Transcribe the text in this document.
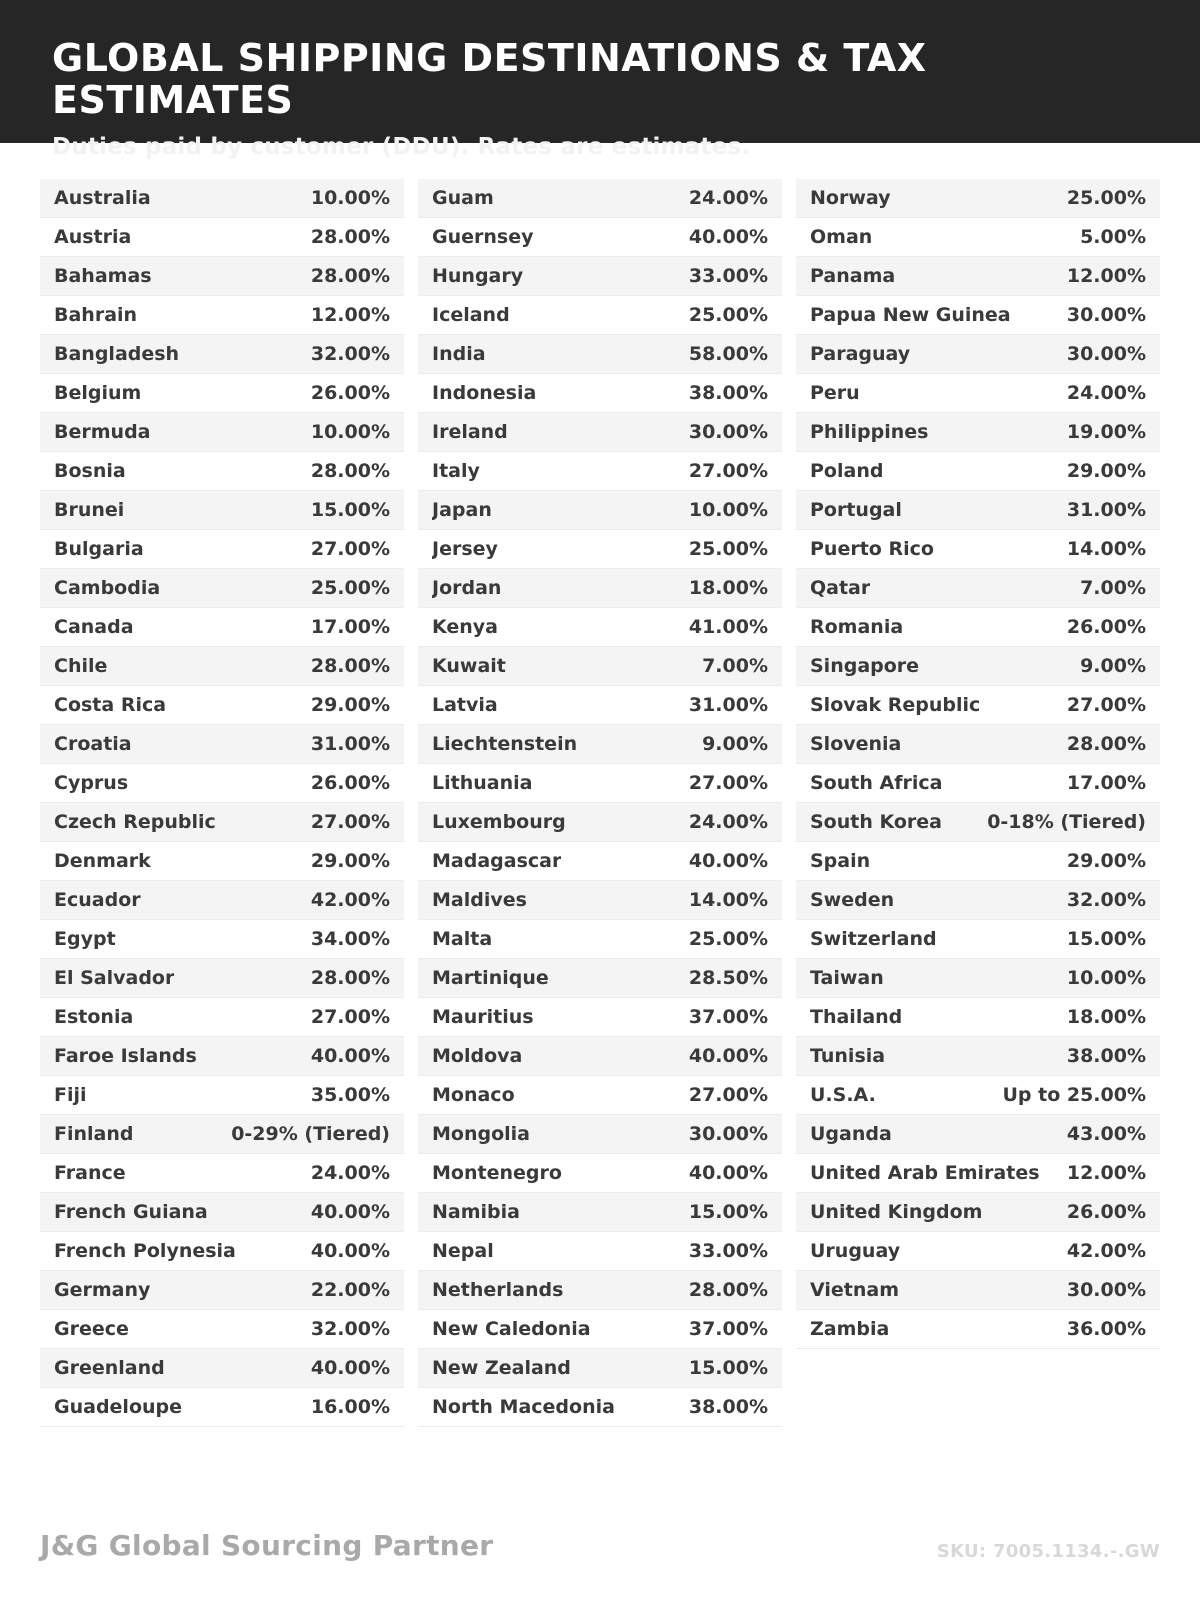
GLOBAL SHIPPING DESTINATIONS & TAX ESTIMATES
Duties paid by customer (DDU). Rates are estimates.
Australia	10.00%
Austria	28.00%
Bahamas	28.00%
Bahrain	12.00%
Bangladesh	32.00%
Belgium	26.00%
Bermuda	10.00%
Bosnia	28.00%
Brunei	15.00%
Bulgaria	27.00%
Cambodia	25.00%
Canada	17.00%
Chile	28.00%
Costa Rica	29.00%
Croatia	31.00%
Cyprus	26.00%
Czech Republic	27.00%
Denmark	29.00%
Ecuador	42.00%
Egypt	34.00%
El Salvador	28.00%
Estonia	27.00%
Faroe Islands	40.00%
Fiji	35.00%
Finland	0-29% (Tiered)
France	24.00%
French Guiana	40.00%
French Polynesia	40.00%
Germany	22.00%
Greece	32.00%
Greenland	40.00%
Guadeloupe	16.00%
Guam	24.00%
Guernsey	40.00%
Hungary	33.00%
Iceland	25.00%
India	58.00%
Indonesia	38.00%
Ireland	30.00%
Italy	27.00%
Japan	10.00%
Jersey	25.00%
Jordan	18.00%
Kenya	41.00%
Kuwait	7.00%
Latvia	31.00%
Liechtenstein	9.00%
Lithuania	27.00%
Luxembourg	24.00%
Madagascar	40.00%
Maldives	14.00%
Malta	25.00%
Martinique	28.50%
Mauritius	37.00%
Moldova	40.00%
Monaco	27.00%
Mongolia	30.00%
Montenegro	40.00%
Namibia	15.00%
Nepal	33.00%
Netherlands	28.00%
New Caledonia	37.00%
New Zealand	15.00%
North Macedonia	38.00%
Norway	25.00%
Oman	5.00%
Panama	12.00%
Papua New Guinea	30.00%
Paraguay	30.00%
Peru	24.00%
Philippines	19.00%
Poland	29.00%
Portugal	31.00%
Puerto Rico	14.00%
Qatar	7.00%
Romania	26.00%
Singapore	9.00%
Slovak Republic	27.00%
Slovenia	28.00%
South Africa	17.00%
South Korea 0-18% (Tiered)
Spain	29.00%
Sweden	32.00%
Switzerland	15.00%
Taiwan	10.00%
Thailand	18.00%
Tunisia	38.00%
U.S.A.	Up to 25.00%
Uganda	43.00%
United Arab Emirates 12.00%
United Kingdom	26.00%
Uruguay	42.00%
Vietnam	30.00%
Zambia	36.00%
J&G Global Sourcing Partner	SKU: 7005.1134.-.GW
